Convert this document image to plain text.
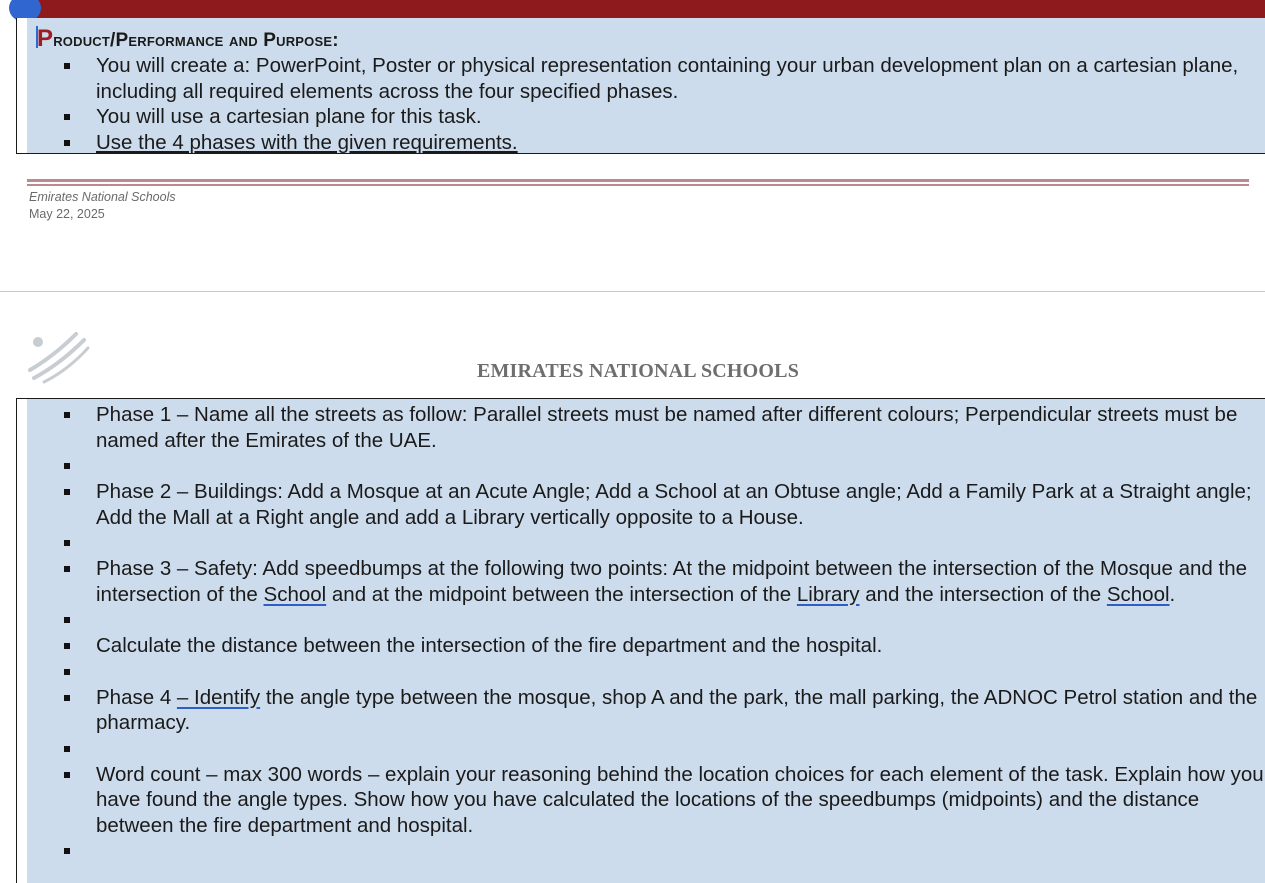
Product/Performance and Purpose:
You will create a: PowerPoint, Poster or physical representation containing your urban development plan on a cartesian plane, including all required elements across the four specified phases.
You will use a cartesian plane for this task.
Use the 4 phases with the given requirements.
Emirates National Schools
May 22, 2025
EMIRATES NATIONAL SCHOOLS
Phase 1 – Name all the streets as follow: Parallel streets must be named after different colours; Perpendicular streets must be named after the Emirates of the UAE.
Phase 2 – Buildings: Add a Mosque at an Acute Angle; Add a School at an Obtuse angle; Add a Family Park at a Straight angle; Add the Mall at a Right angle and add a Library vertically opposite to a House.
Phase 3 – Safety: Add speedbumps at the following two points: At the midpoint between the intersection of the Mosque and the intersection of the School and at the midpoint between the intersection of the Library and the intersection of the School.
Calculate the distance between the intersection of the fire department and the hospital.
Phase 4 – Identify the angle type between the mosque, shop A and the park, the mall parking, the ADNOC Petrol station and the pharmacy.
Word count – max 300 words – explain your reasoning behind the location choices for each element of the task. Explain how you have found the angle types. Show how you have calculated the locations of the speedbumps (midpoints) and the distance between the fire department and hospital.
